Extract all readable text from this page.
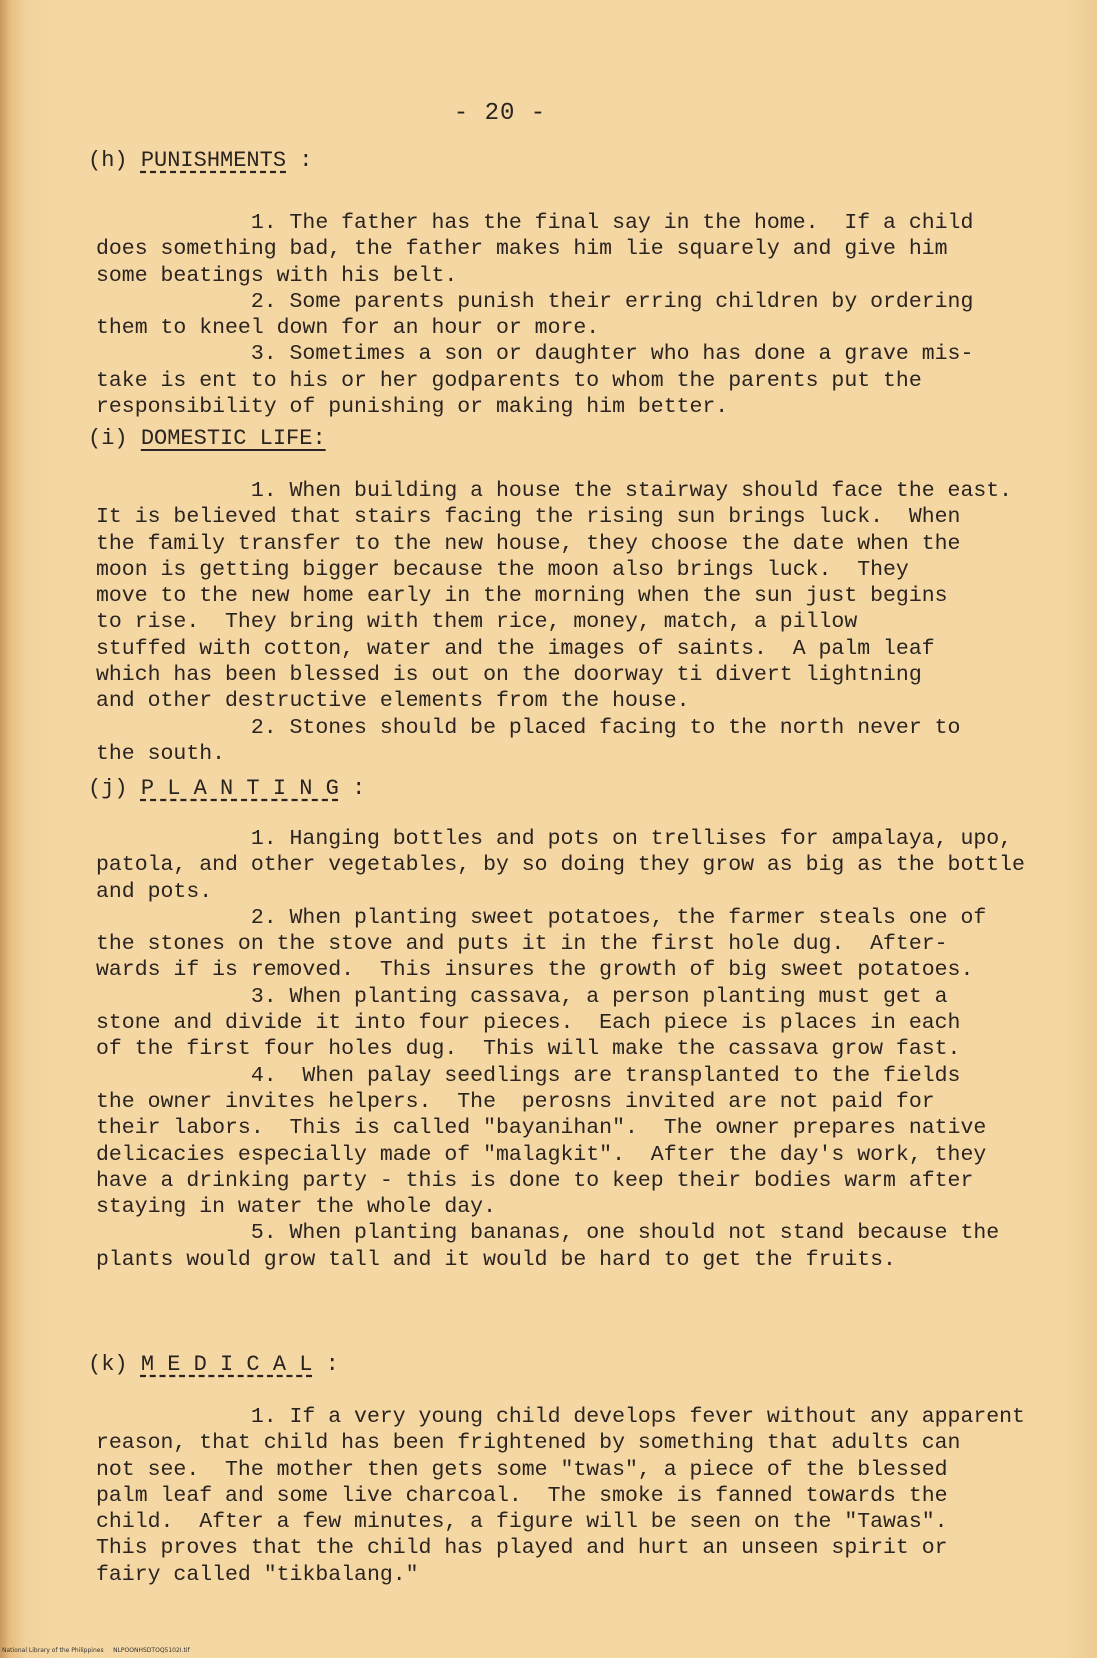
- 20 -
(h) PUNISHMENTS :
1. The father has the final say in the home.  If a child
does something bad, the father makes him lie squarely and give him
some beatings with his belt.
2. Some parents punish their erring children by ordering
them to kneel down for an hour or more.
3. Sometimes a son or daughter who has done a grave mis-
take is ent to his or her godparents to whom the parents put the
responsibility of punishing or making him better.
(i) DOMESTIC LIFE:
1. When building a house the stairway should face the east.
It is believed that stairs facing the rising sun brings luck.  When
the family transfer to the new house, they choose the date when the
moon is getting bigger because the moon also brings luck.  They
move to the new home early in the morning when the sun just begins
to rise.  They bring with them rice, money, match, a pillow
stuffed with cotton, water and the images of saints.  A palm leaf
which has been blessed is out on the doorway ti divert lightning
and other destructive elements from the house.
2. Stones should be placed facing to the north never to
the south.
(j) P L A N T I N G :
1. Hanging bottles and pots on trellises for ampalaya, upo,
patola, and other vegetables, by so doing they grow as big as the bottle
and pots.
2. When planting sweet potatoes, the farmer steals one of
the stones on the stove and puts it in the first hole dug.  After-
wards if is removed.  This insures the growth of big sweet potatoes.
3. When planting cassava, a person planting must get a
stone and divide it into four pieces.  Each piece is places in each
of the first four holes dug.  This will make the cassava grow fast.
4.  When palay seedlings are transplanted to the fields
the owner invites helpers.  The  perosns invited are not paid for
their labors.  This is called "bayanihan".  The owner prepares native
delicacies especially made of "malagkit".  After the day's work, they
have a drinking party - this is done to keep their bodies warm after
staying in water the whole day.
5. When planting bananas, one should not stand because the
plants would grow tall and it would be hard to get the fruits.
(k) M E D I C A L :
1. If a very young child develops fever without any apparent
reason, that child has been frightened by something that adults can
not see.  The mother then gets some "twas", a piece of the blessed
palm leaf and some live charcoal.  The smoke is fanned towards the
child.  After a few minutes, a figure will be seen on the "Tawas".
This proves that the child has played and hurt an unseen spirit or
fairy called "tikbalang."
National Library of the Philippines     NLPOONHSDTOQ5102I.tif
